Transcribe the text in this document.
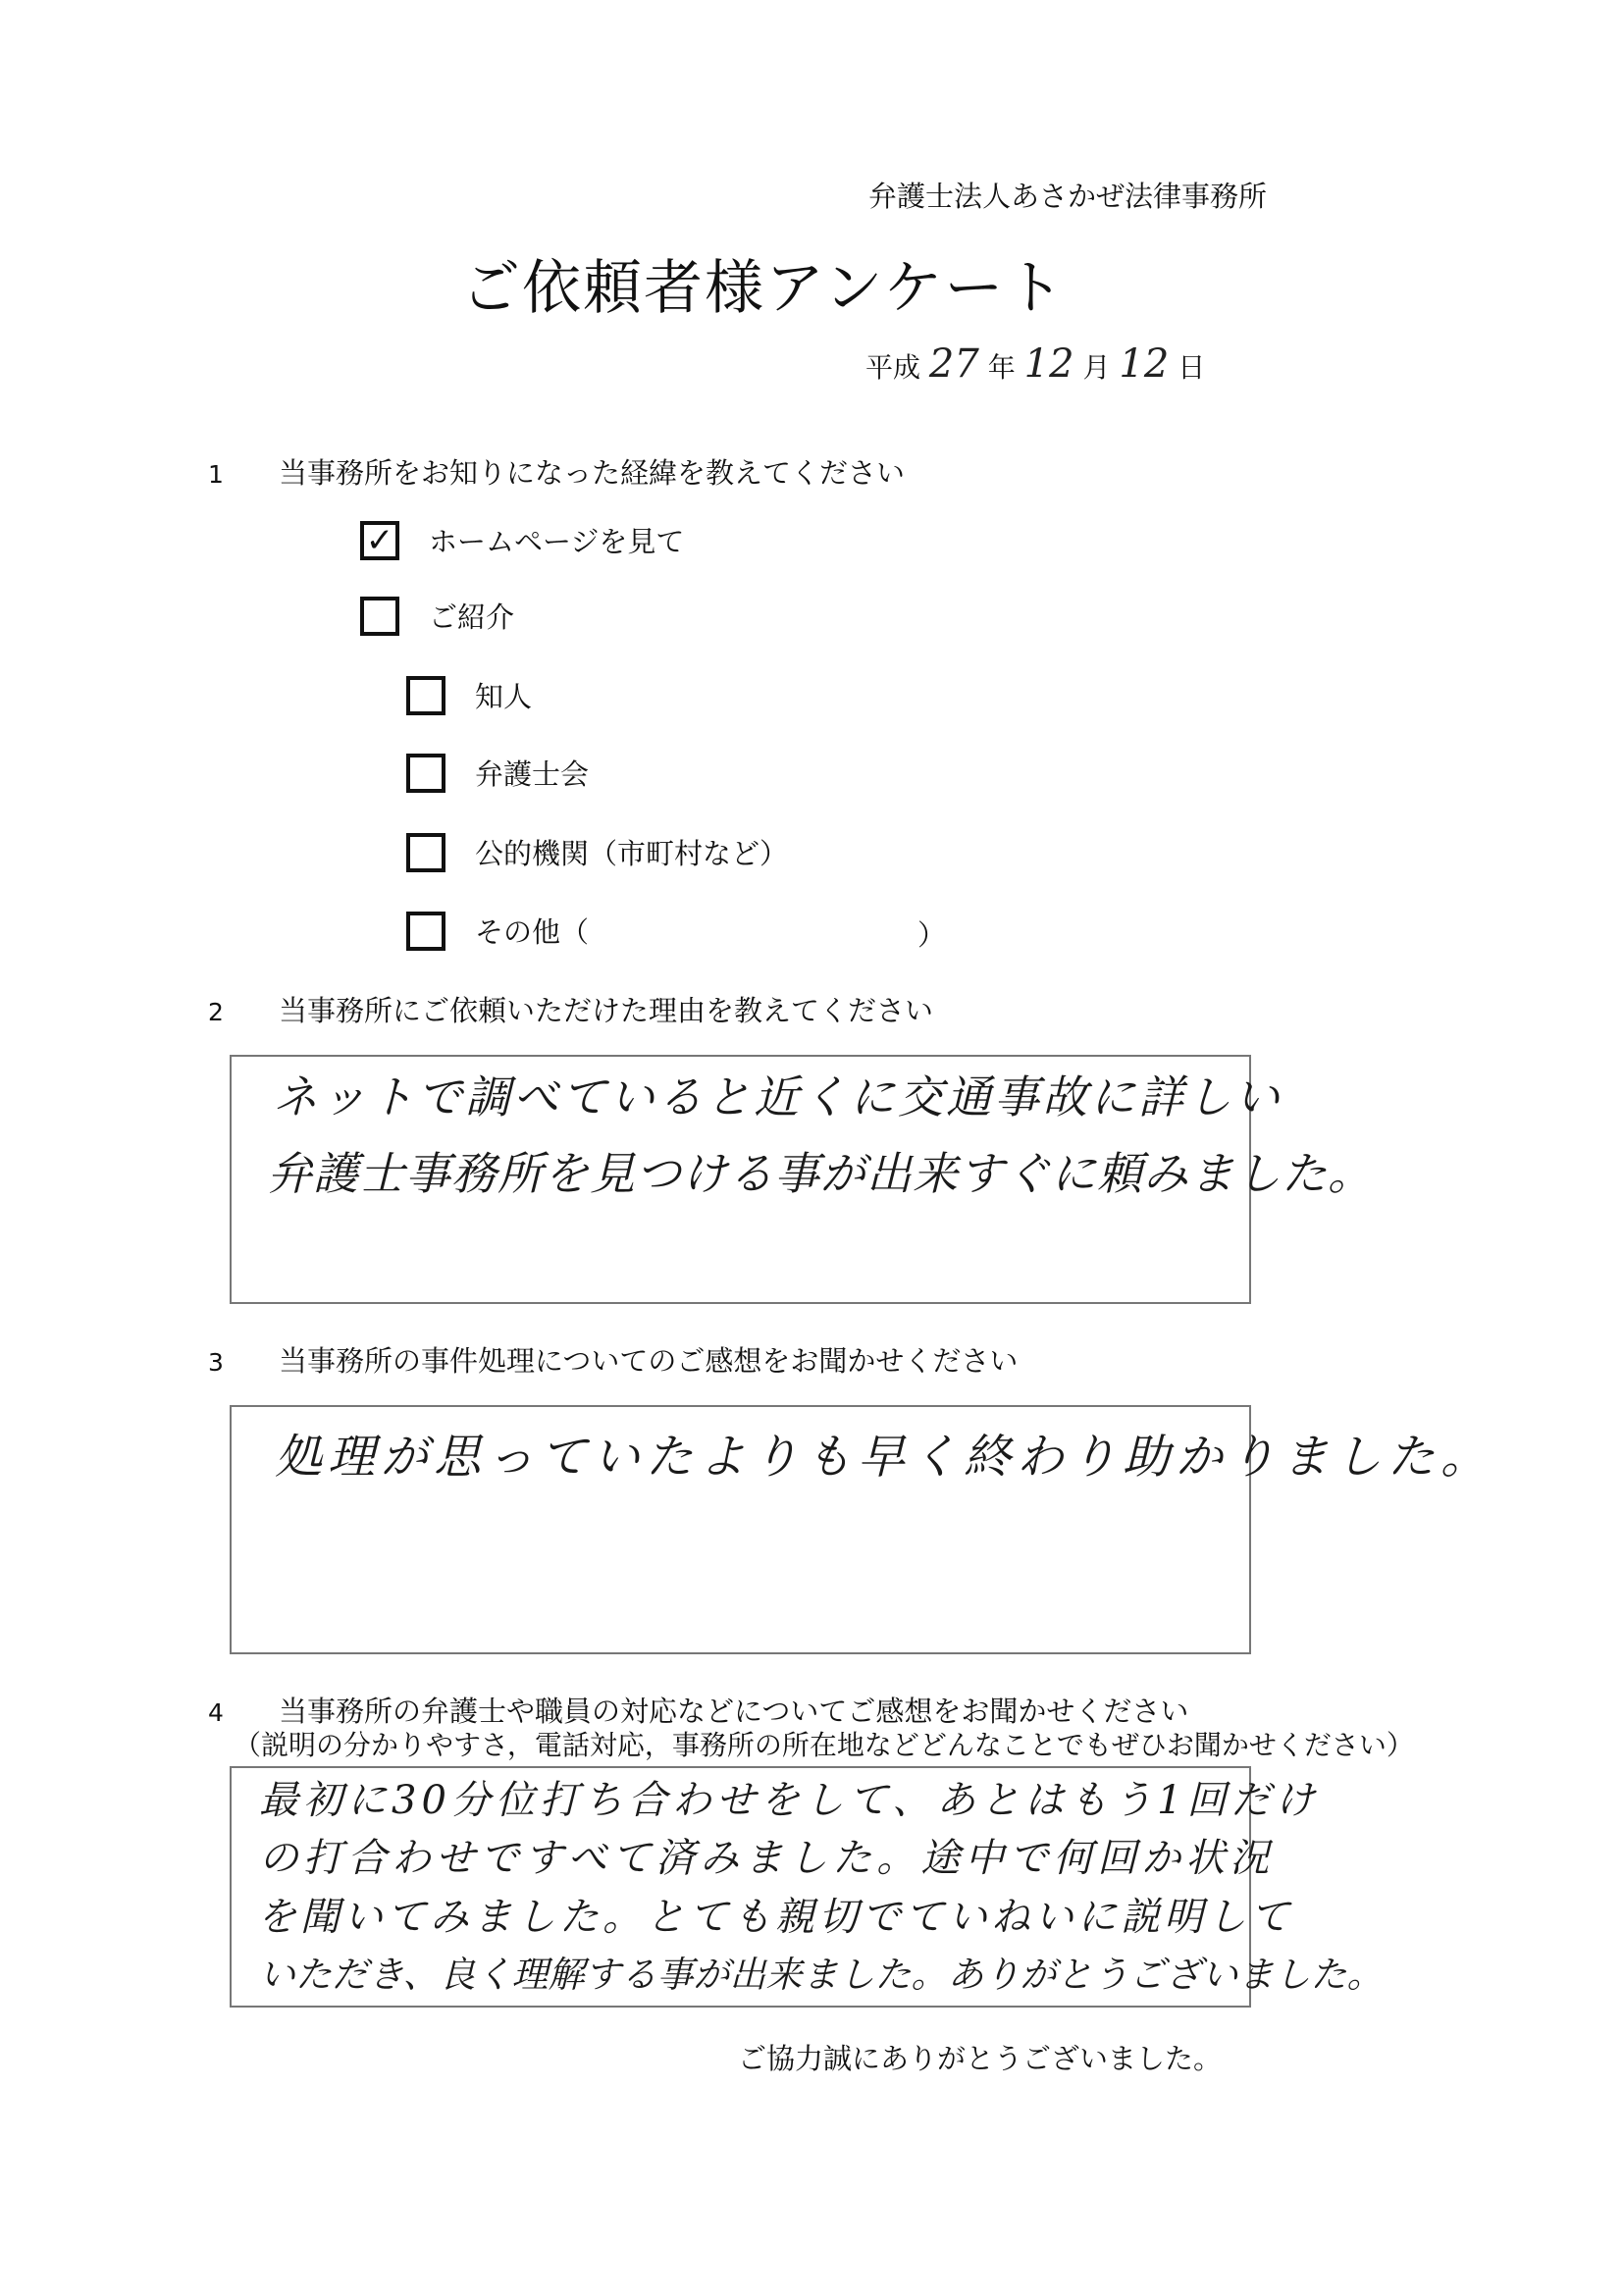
弁護士法人あさかぜ法律事務所
ご依頼者様アンケート
平成 27 年 12 月 12 日
1 当事務所をお知りになった経緯を教えてください
✓ ホームページを見て
ご紹介
知人
弁護士会
公的機関（市町村など）
その他（	）
2 当事務所にご依頼いただけた理由を教えてください
ネットで調べていると近くに交通事故に詳しい
弁護士事務所を見つける事が出来すぐに頼みました。
3 当事務所の事件処理についてのご感想をお聞かせください
処理が思っていたよりも早く終わり助かりました。
4 当事務所の弁護士や職員の対応などについてご感想をお聞かせください
（説明の分かりやすさ，電話対応，事務所の所在地などどんなことでもぜひお聞かせください）
最初に30分位打ち合わせをして、あとはもう1回だけ
の打合わせですべて済みました。途中で何回か状況
を聞いてみました。とても親切でていねいに説明して
いただき、良く理解する事が出来ました。ありがとうございました。
ご協力誠にありがとうございました。
